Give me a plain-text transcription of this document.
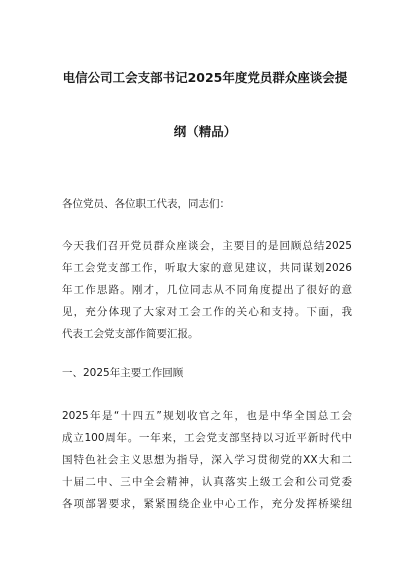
电信公司工会支部书记2025年度党员群众座谈会提
纲（精品）

各位党员、各位职工代表，同志们：

今天我们召开党员群众座谈会，主要目的是回顾总结2025
年工会党支部工作，听取大家的意见建议，共同谋划2026
年工作思路。刚才，几位同志从不同角度提出了很好的意
见，充分体现了大家对工会工作的关心和支持。下面，我
代表工会党支部作简要汇报。

一、2025年主要工作回顾

2025年是“十四五”规划收官之年，也是中华全国总工会
成立100周年。一年来，工会党支部坚持以习近平新时代中
国特色社会主义思想为指导，深入学习贯彻党的XX大和二
十届二中、三中全会精神，认真落实上级工会和公司党委
各项部署要求，紧紧围绕企业中心工作，充分发挥桥梁纽
